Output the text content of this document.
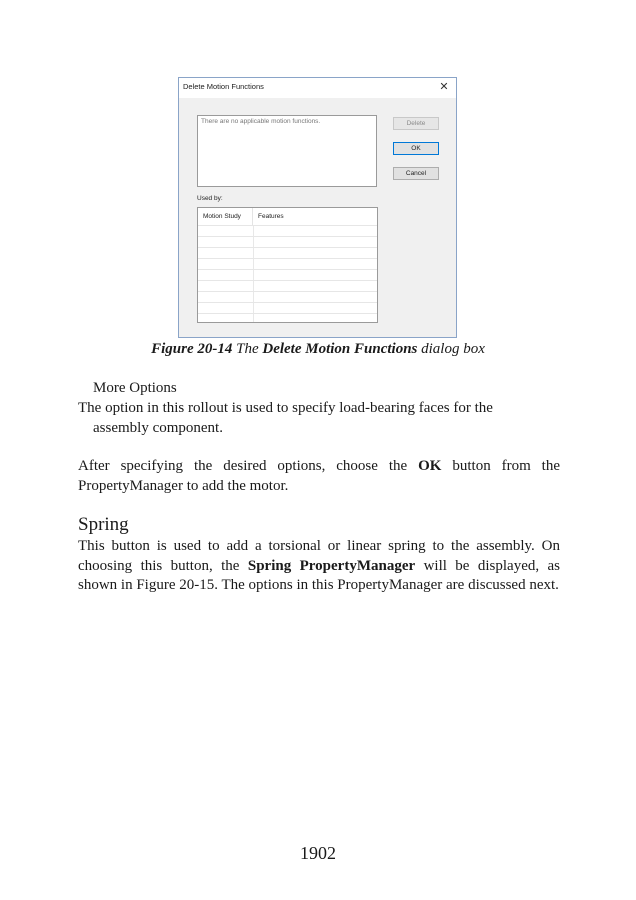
Delete Motion Functions	✕
There are no applicable motion functions.	Delete
OK
Cancel
Used by:
Motion Study	Features
Figure 20-14 The Delete Motion Functions dialog box
More Options

The option in this rollout is used to specify load-bearing faces for the
assembly component.

After specifying the desired options, choose the OK button from the PropertyManager to add the motor.

Spring

This button is used to add a torsional or linear spring to the assembly. On choosing this button, the Spring PropertyManager will be displayed, as shown in Figure 20-15. The options in this PropertyManager are discussed next.

1902
